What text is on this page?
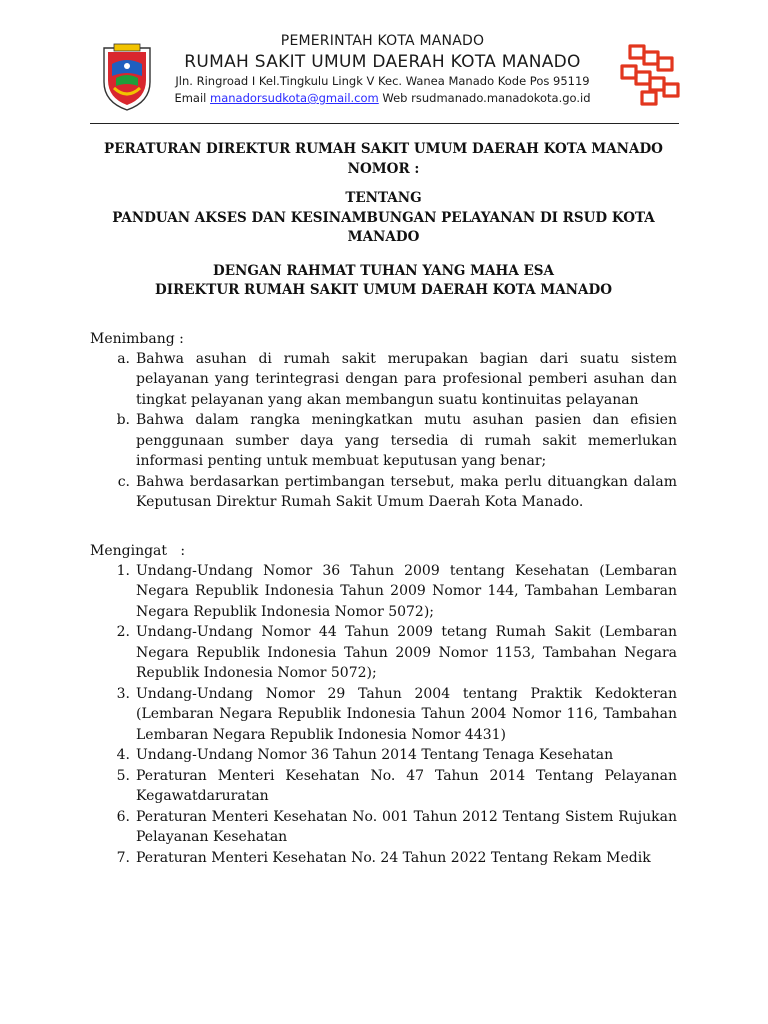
PEMERINTAH KOTA MANADO
RUMAH SAKIT UMUM DAERAH KOTA MANADO
Jln. Ringroad I Kel.Tingkulu Lingk V Kec. Wanea Manado Kode Pos 95119
Email manadorsudkota@gmail.com Web rsudmanado.manadokota.go.id

PERATURAN DIREKTUR RUMAH SAKIT UMUM DAERAH KOTA MANADO

NOMOR :

TENTANG

PANDUAN AKSES DAN KESINAMBUNGAN PELAYANAN DI RSUD KOTA

MANADO

DENGAN RAHMAT TUHAN YANG MAHA ESA

DIREKTUR RUMAH SAKIT UMUM DAERAH KOTA MANADO

Menimbang :

a. Bahwa asuhan di rumah sakit merupakan bagian dari suatu sistem pelayanan yang terintegrasi dengan para profesional pemberi asuhan dan tingkat pelayanan yang akan membangun suatu kontinuitas pelayanan
b. Bahwa dalam rangka meningkatkan mutu asuhan pasien dan efisien penggunaan sumber daya yang tersedia di rumah sakit memerlukan informasi penting untuk membuat keputusan yang benar;
c. Bahwa berdasarkan pertimbangan tersebut, maka perlu dituangkan dalam Keputusan Direktur Rumah Sakit Umum Daerah Kota Manado.

Mengingat   :

1. Undang-Undang Nomor 36 Tahun 2009 tentang Kesehatan (Lembaran Negara Republik Indonesia Tahun 2009 Nomor 144, Tambahan Lembaran Negara Republik Indonesia Nomor 5072);
2. Undang-Undang Nomor 44 Tahun 2009 tetang Rumah Sakit (Lembaran Negara Republik Indonesia Tahun 2009 Nomor 1153, Tambahan Negara Republik Indonesia Nomor 5072);
3. Undang-Undang Nomor 29 Tahun 2004 tentang Praktik Kedokteran (Lembaran Negara Republik Indonesia Tahun 2004 Nomor 116, Tambahan Lembaran Negara Republik Indonesia Nomor 4431)
4. Undang-Undang Nomor 36 Tahun 2014 Tentang Tenaga Kesehatan
5. Peraturan Menteri Kesehatan No. 47 Tahun 2014 Tentang Pelayanan Kegawatdaruratan
6. Peraturan Menteri Kesehatan No. 001 Tahun 2012 Tentang Sistem Rujukan Pelayanan Kesehatan
7. Peraturan Menteri Kesehatan No. 24 Tahun 2022 Tentang Rekam Medik
